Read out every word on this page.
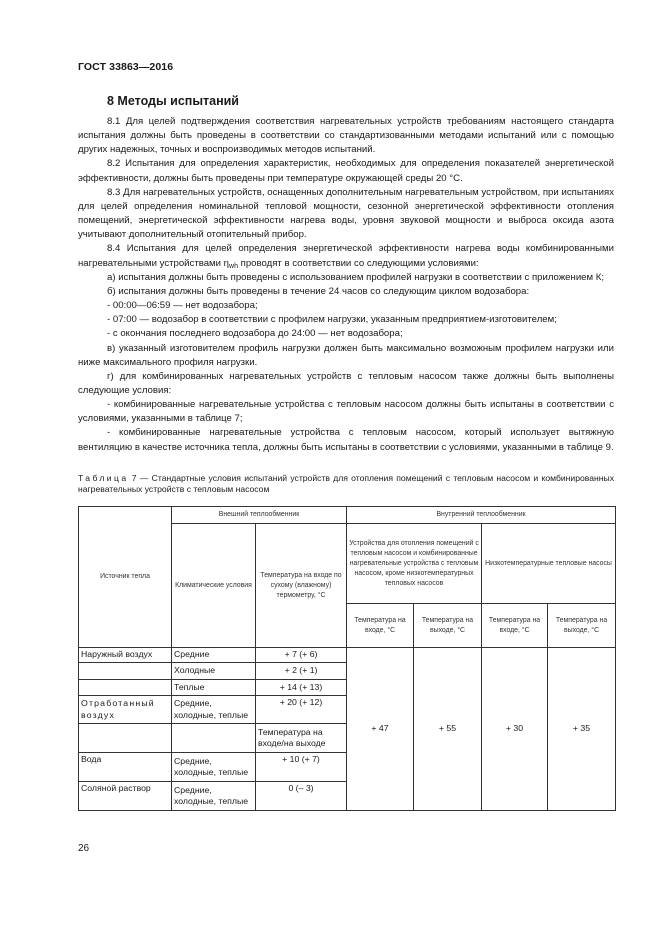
ГОСТ 33863—2016
8 Методы испытаний

8.1 Для целей подтверждения соответствия нагревательных устройств требованиям настоящего стандарта испытания должны быть проведены в соответствии со стандартизованными методами испытаний или с помощью других надежных, точных и воспроизводимых методов испытаний.

8.2 Испытания для определения характеристик, необходимых для определения показателей энергетической эффективности, должны быть проведены при температуре окружающей среды 20 °С.

8.3 Для нагревательных устройств, оснащенных дополнительным нагревательным устройством, при испытаниях для целей определения номинальной тепловой мощности, сезонной энергетической эффективности отопления помещений, энергетической эффективности нагрева воды, уровня звуковой мощности и выброса оксида азота учитывают дополнительный отопительный прибор.

8.4 Испытания для целей определения энергетической эффективности нагрева воды комбинированными нагревательными устройствами $\eta_{wh}$ проводят в соответствии со следующими условиями:

а) испытания должны быть проведены с использованием профилей нагрузки в соответствии с приложением К;

б) испытания должны быть проведены в течение 24 часов со следующим циклом водозабора:

- 00:00—06:59 — нет водозабора;

- 07:00 — водозабор в соответствии с профилем нагрузки, указанным предприятием-изготовителем;

- с окончания последнего водозабора до 24:00 — нет водозабора;

в) указанный изготовителем профиль нагрузки должен быть максимально возможным профилем нагрузки или ниже максимального профиля нагрузки.

г) для комбинированных нагревательных устройств с тепловым насосом также должны быть выполнены следующие условия:

- комбинированные нагревательные устройства с тепловым насосом должны быть испытаны в соответствии с условиями, указанными в таблице 7;

- комбинированные нагревательные устройства с тепловым насосом, который использует вытяжную вентиляцию в качестве источника тепла, должны быть испытаны в соответствии с условиями, указанными в таблице 9.

Таблица 7 — Стандартные условия испытаний устройств для отопления помещений с тепловым насосом и комбинированных нагревательных устройств с тепловым насосом
Источник тепла	Внешний теплообменник		Внутренний теплообменник			
	Климатические условия	Температура на входе по сухому (влажному) термометру, °С	Устройства для отопления помещений с тепловым насосом и комбинированные нагревательные устройства с тепловым насосом, кроме низкотемпературных тепловых насосов		Низкотемпературные тепловые насосы	
			Температура на входе, °С	Температура на выходе, °С	Температура на входе, °С	Температура на выходе, °С
Наружный воздух	Средние	+ 7 (+ 6)	+ 47	+ 55	+ 30	+ 35
	Холодные	+ 2 (+ 1)				
	Теплые	+ 14 (+ 13)				
Отработанный воздух	Средние, холодные, теплые	+ 20 (+ 12)				
		Температура на входе/на выходе				
Вода	Средние, холодные, теплые	+ 10 (+ 7)				
Соляной раствор	Средние, холодные, теплые	0 (– 3)				
26
